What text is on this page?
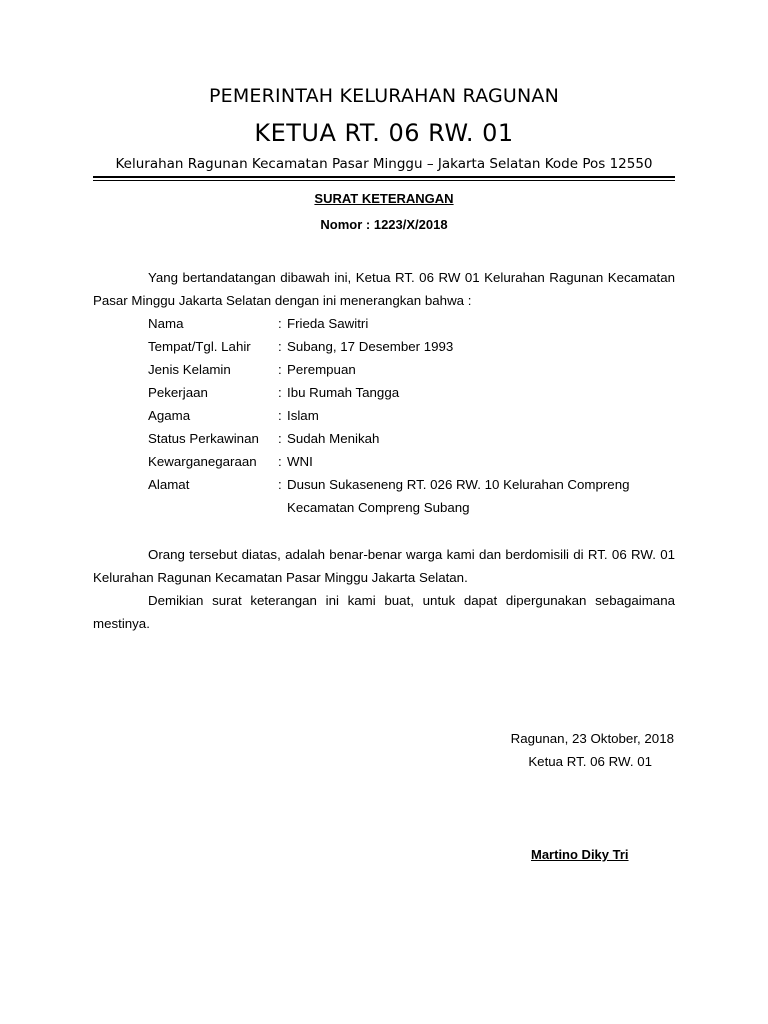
PEMERINTAH KELURAHAN RAGUNAN
KETUA RT. 06 RW. 01
Kelurahan Ragunan Kecamatan Pasar Minggu – Jakarta Selatan Kode Pos 12550
SURAT KETERANGAN
Nomor : 1223/X/2018
Yang bertandatangan dibawah ini, Ketua RT. 06 RW 01 Kelurahan Ragunan Kecamatan Pasar Minggu Jakarta Selatan dengan ini menerangkan bahwa :
Nama	: Frieda Sawitri
Tempat/Tgl. Lahir	: Subang, 17 Desember 1993
Jenis Kelamin	: Perempuan
Pekerjaan	: Ibu Rumah Tangga
Agama	: Islam
Status Perkawinan	: Sudah Menikah
Kewarganegaraan	: WNI
Alamat	: Dusun Sukaseneng RT. 026 RW. 10 Kelurahan Compreng Kecamatan Compreng Subang
Orang tersebut diatas, adalah benar-benar warga kami dan berdomisili di RT. 06 RW. 01 Kelurahan Ragunan Kecamatan Pasar Minggu Jakarta Selatan.
Demikian surat keterangan ini kami buat, untuk dapat dipergunakan sebagaimana mestinya.
Ragunan, 23 Oktober, 2018
Ketua RT. 06 RW. 01
Martino Diky Tri
